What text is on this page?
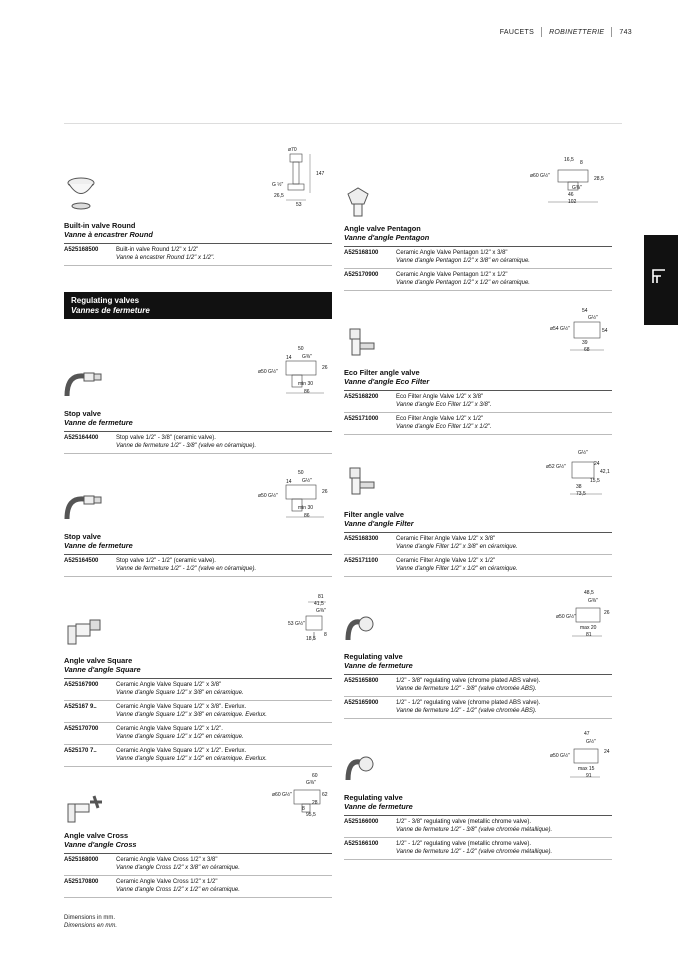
FAUCETS ROBINETTERIE 743
ø70
147
G ½"
26,5
53
Built-in valve Round
Vanne à encastrer Round
A525168500	Built-in valve Round 1/2" x 1/2"
Vanne à encastrer Round 1/2" x 1/2".
Regulating valves
Vannes de fermeture
50
14 G⅜"
ø50 G½"
26
min 30
86
Stop valve
Vanne de fermeture
A525164400	Stop valve 1/2" - 3/8" (ceramic valve).
Vanne de fermeture 1/2" - 3/8" (valve en céramique).
50
14 G½"
ø50 G½"
26
min 30
86
Stop valve
Vanne de fermeture
A525164500	Stop valve 1/2" - 1/2" (ceramic valve).
Vanne de fermeture 1/2" - 1/2" (valve en céramique).
81
41,5
G⅜"
53 G½"
18,5
8
Angle valve Square
Vanne d'angle Square
A525167900	Ceramic Angle Valve Square 1/2" x 3/8"
Vanne d'angle Square 1/2" x 3/8" en céramique.
A525167 9..	Ceramic Angle Valve Square 1/2" x 3/8". Everlux.
Vanne d'angle Square 1/2" x 3/8" en céramique. Everlux.
A525170700	Ceramic Angle Valve Square 1/2" x 1/2".
Vanne d'angle Square 1/2" x 1/2" en céramique.
A525170 7..	Ceramic Angle Valve Square 1/2" x 1/2". Everlux.
Vanne d'angle Square 1/2" x 1/2" en céramique. Everlux.
60
G⅜"
ø60 G½"	62
28
8
95,5
Angle valve Cross
Vanne d'angle Cross
A525168000	Ceramic Angle Valve Cross 1/2" x 3/8"
Vanne d'angle Cross 1/2" x 3/8" en céramique.
A525170800	Ceramic Angle Valve Cross 1/2" x 1/2"
Vanne d'angle Cross 1/2" x 1/2" en céramique.
16,5 8
ø60 G½"	28,5
G⅜"
46
102
Angle valve Pentagon
Vanne d'angle Pentagon
A525168100	Ceramic Angle Valve Pentagon 1/2" x 3/8"
Vanne d'angle Pentagon 1/2" x 3/8" en céramique.
A525170900	Ceramic Angle Valve Pentagon 1/2" x 1/2"
Vanne d'angle Pentagon 1/2" x 1/2" en céramique.
54
G½"
ø54 G½"	54
39
68
Eco Filter angle valve
Vanne d'angle Eco Filter
A525168200	Eco Filter Angle Valve 1/2" x 3/8"
Vanne d'angle Eco Filter 1/2" x 3/8".
A525171000	Eco Filter Angle Valve 1/2" x 1/2"
Vanne d'angle Eco Filter 1/2" x 1/2".
G½"
ø52 G½"	24
42,1
15,5
38
73,5
Filter angle valve
Vanne d'angle Filter
A525168300	Ceramic Filter Angle Valve 1/2" x 3/8"
Vanne d'angle Filter 1/2" x 3/8" en céramique.
A525171100	Ceramic Filter Angle Valve 1/2" x 1/2"
Vanne d'angle Filter 1/2" x 1/2" en céramique.
48,5
G⅜"
ø50 G½"
26
max 20
81
Regulating valve
Vanne de fermeture
A525165800	1/2" - 3/8" regulating valve (chrome plated ABS valve).
Vanne de fermeture 1/2" - 3/8" (valve chromée ABS).
A525165900	1/2" - 1/2" regulating valve (chrome plated ABS valve).
Vanne de fermeture 1/2" - 1/2" (valve chromée ABS).
47
G½"
ø50 G½"
24
max 15
91
Regulating valve
Vanne de fermeture
A525166000	1/2" - 3/8" regulating valve (metallic chrome valve).
Vanne de fermeture 1/2" - 3/8" (valve chromée métallique).
A525166100	1/2" - 1/2" regulating valve (metallic chrome valve).
Vanne de fermeture 1/2" - 1/2" (valve chromée métallique).
Dimensions in mm.
Dimensions en mm.
